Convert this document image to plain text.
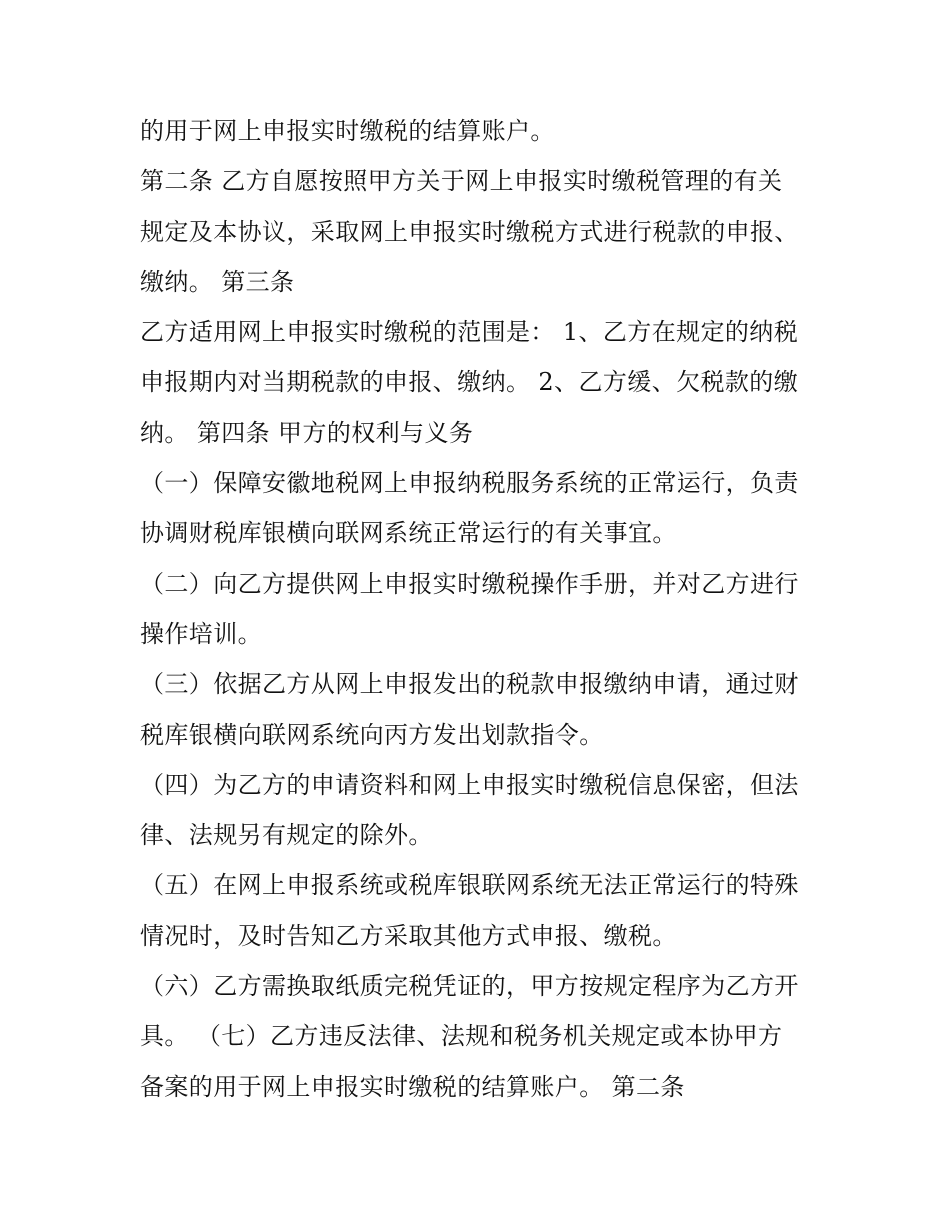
的用于网上申报实时缴税的结算账户。
第二条 乙方自愿按照甲方关于网上申报实时缴税管理的有关
规定及本协议，采取网上申报实时缴税方式进行税款的申报、
缴纳。 第三条
乙方适用网上申报实时缴税的范围是： 1、乙方在规定的纳税
申报期内对当期税款的申报、缴纳。 2、乙方缓、欠税款的缴
纳。 第四条 甲方的权利与义务
（一）保障安徽地税网上申报纳税服务系统的正常运行，负责
协调财税库银横向联网系统正常运行的有关事宜。
（二）向乙方提供网上申报实时缴税操作手册，并对乙方进行
操作培训。
（三）依据乙方从网上申报发出的税款申报缴纳申请，通过财
税库银横向联网系统向丙方发出划款指令。
（四）为乙方的申请资料和网上申报实时缴税信息保密，但法
律、法规另有规定的除外。
（五）在网上申报系统或税库银联网系统无法正常运行的特殊
情况时，及时告知乙方采取其他方式申报、缴税。
（六）乙方需换取纸质完税凭证的，甲方按规定程序为乙方开
具。 （七）乙方违反法律、法规和税务机关规定或本协甲方
备案的用于网上申报实时缴税的结算账户。 第二条
